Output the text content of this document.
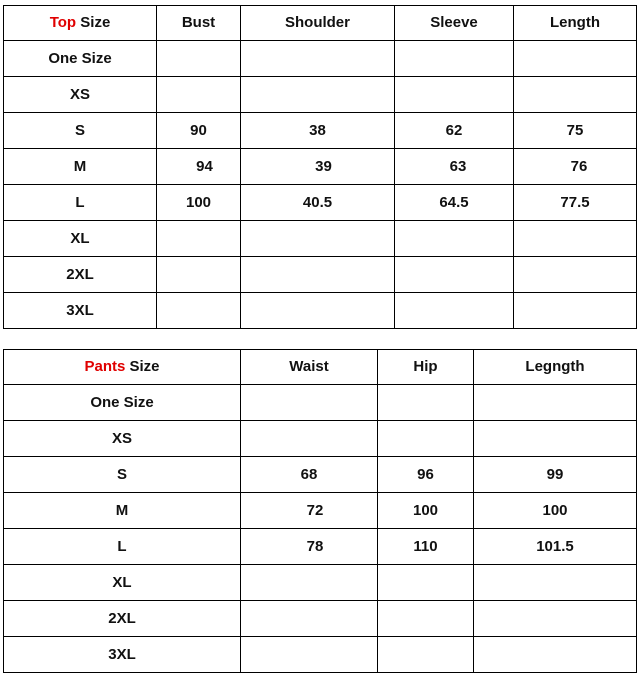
Top Size	Bust	Shoulder	Sleeve	Length
One Size				
XS				
S	90	38	62	75
M	94	39	63	76
L	100	40.5	64.5	77.5
XL				
2XL				
3XL				
Pants Size	Waist	Hip	Legngth
One Size			
XS			
S	68	96	99
M	72	100	100
L	78	110	101.5
XL			
2XL			
3XL			
